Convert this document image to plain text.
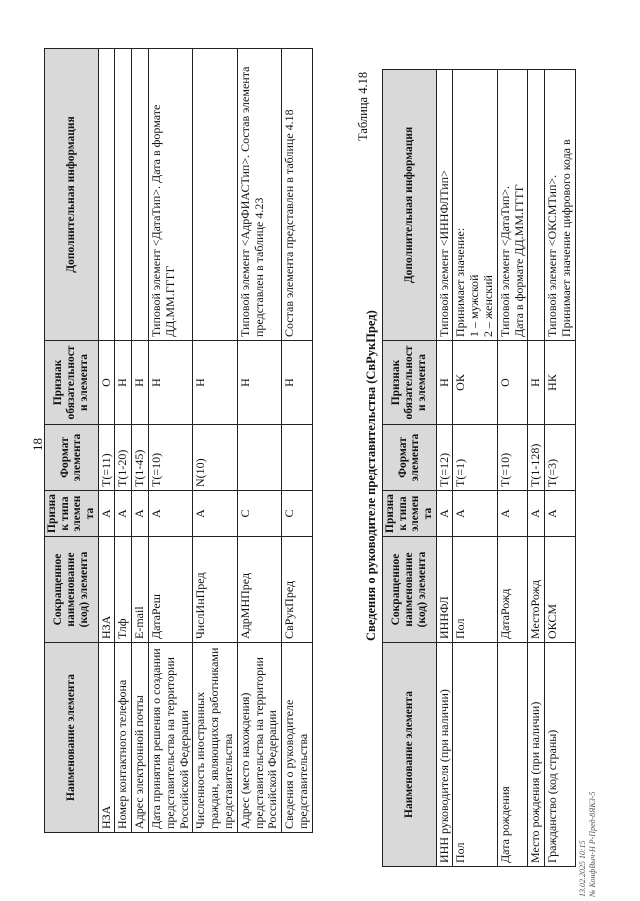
18
Наименование элемента	Сокращенное наименование (код) элемента	Признак типа элемента	Формат элемента	Признак обязательности элемента	Дополнительная информация
НЗА	НЗА	А	T(=11)	О	
Номер контактного телефона	Тлф	А	T(1-20)	Н	
Адрес электронной почты	E-mail	А	T(1-45)	Н	
Дата принятия решения о создании представительства на территории Российской Федерации	ДатаРеш	А	T(=10)	Н	Типовой элемент <ДатаТип>. Дата в формате ДД.ММ.ГГГГ
Численность иностранных граждан, являющихся работниками представительства	ЧислИнПред	А	N(10)	Н	
Адрес (место нахождения) представительства на территории Российской Федерации	АдрМНПред	С		Н	Типовой элемент <АдрФИАСТип>. Состав элемента представлен в таблице 4.23
Сведения о руководителе представительства	СвРукПред	С		Н	Состав элемента представлен в таблице 4.18
Таблица 4.18
Сведения о руководителе представительства (СвРукПред)
Наименование элемента	Сокращенное наименование (код) элемента	Признак типа элемента	Формат элемента	Признак обязательности элемента	Дополнительная информация
ИНН руководителя (при наличии)	ИННФЛ	А	T(=12)	Н	Типовой элемент <ИННФЛТип>
Пол	Пол	А	T(=1)	ОК	Принимает значение: 1 – мужской 2 – женский

Дата рождения	ДатаРожд	А	T(=10)	О	Типовой элемент <ДатаТип>. Дата в формате ДД.ММ.ГГГГ

Место рождения (при наличии)	МестоРожд	А	T(1-128)	Н	
Гражданство (код страны)	ОКСМ	А	T(=3)	НК	Типовой элемент <ОКСМТип>. Принимает значение цифрового кода в
13.02.2025 10:15 № КонфВыч-Н Р-Пред-8ЯКЗ-5
